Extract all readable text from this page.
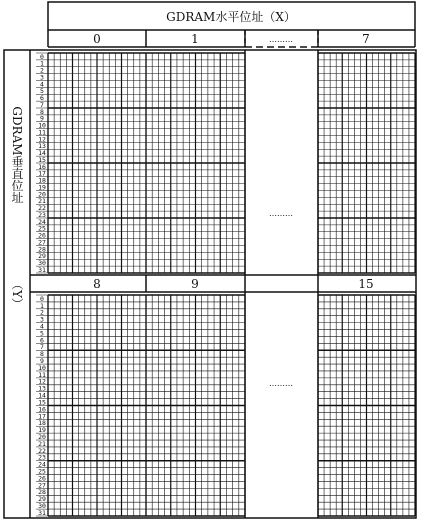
GDRAM水平位址（X）
0	1	………	7
8	9	15
………
………
GDRAM垂直位址
（Y）
0
1
2
3
4
5
6
7
8
9
10
11
12
13
14
15
16
17
18
19
20
21
22
23
24
25
26
27
28
29
30
31
0
1
2
3
4
5
6
7
8
9
10
11
12
13
14
15
16
17
18
19
20
21
22
23
24
25
26
27
28
29
30
31
